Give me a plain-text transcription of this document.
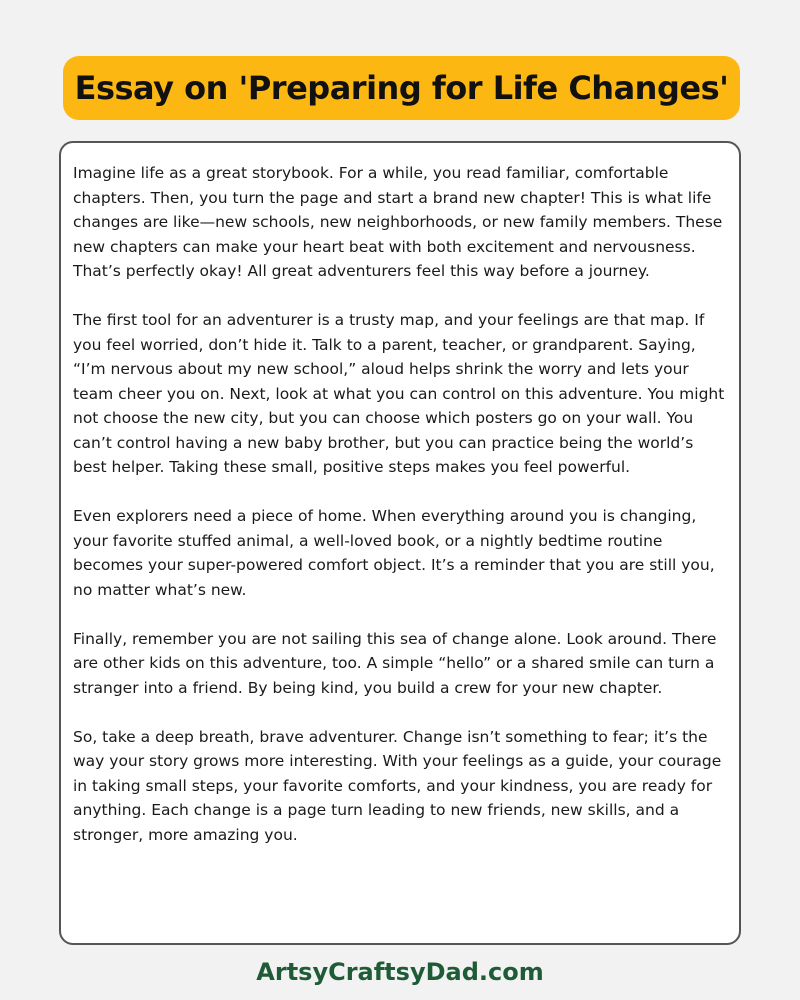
Essay on 'Preparing for Life Changes'

Imagine life as a great storybook. For a while, you read familiar, comfortable chapters. Then, you turn the page and start a brand new chapter! This is what life changes are like—new schools, new neighborhoods, or new family members. These new chapters can make your heart beat with both excitement and nervousness. That’s perfectly okay! All great adventurers feel this way before a journey.

The first tool for an adventurer is a trusty map, and your feelings are that map. If you feel worried, don’t hide it. Talk to a parent, teacher, or grandparent. Saying, “I’m nervous about my new school,” aloud helps shrink the worry and lets your team cheer you on. Next, look at what you can control on this adventure. You might not choose the new city, but you can choose which posters go on your wall. You can’t control having a new baby brother, but you can practice being the world’s best helper. Taking these small, positive steps makes you feel powerful.

Even explorers need a piece of home. When everything around you is changing, your favorite stuffed animal, a well-loved book, or a nightly bedtime routine becomes your super-powered comfort object. It’s a reminder that you are still you, no matter what’s new.

Finally, remember you are not sailing this sea of change alone. Look around. There are other kids on this adventure, too. A simple “hello” or a shared smile can turn a stranger into a friend. By being kind, you build a crew for your new chapter.

So, take a deep breath, brave adventurer. Change isn’t something to fear; it’s the way your story grows more interesting. With your feelings as a guide, your courage in taking small steps, your favorite comforts, and your kindness, you are ready for anything. Each change is a page turn leading to new friends, new skills, and a stronger, more amazing you.

ArtsyCraftsyDad.com
